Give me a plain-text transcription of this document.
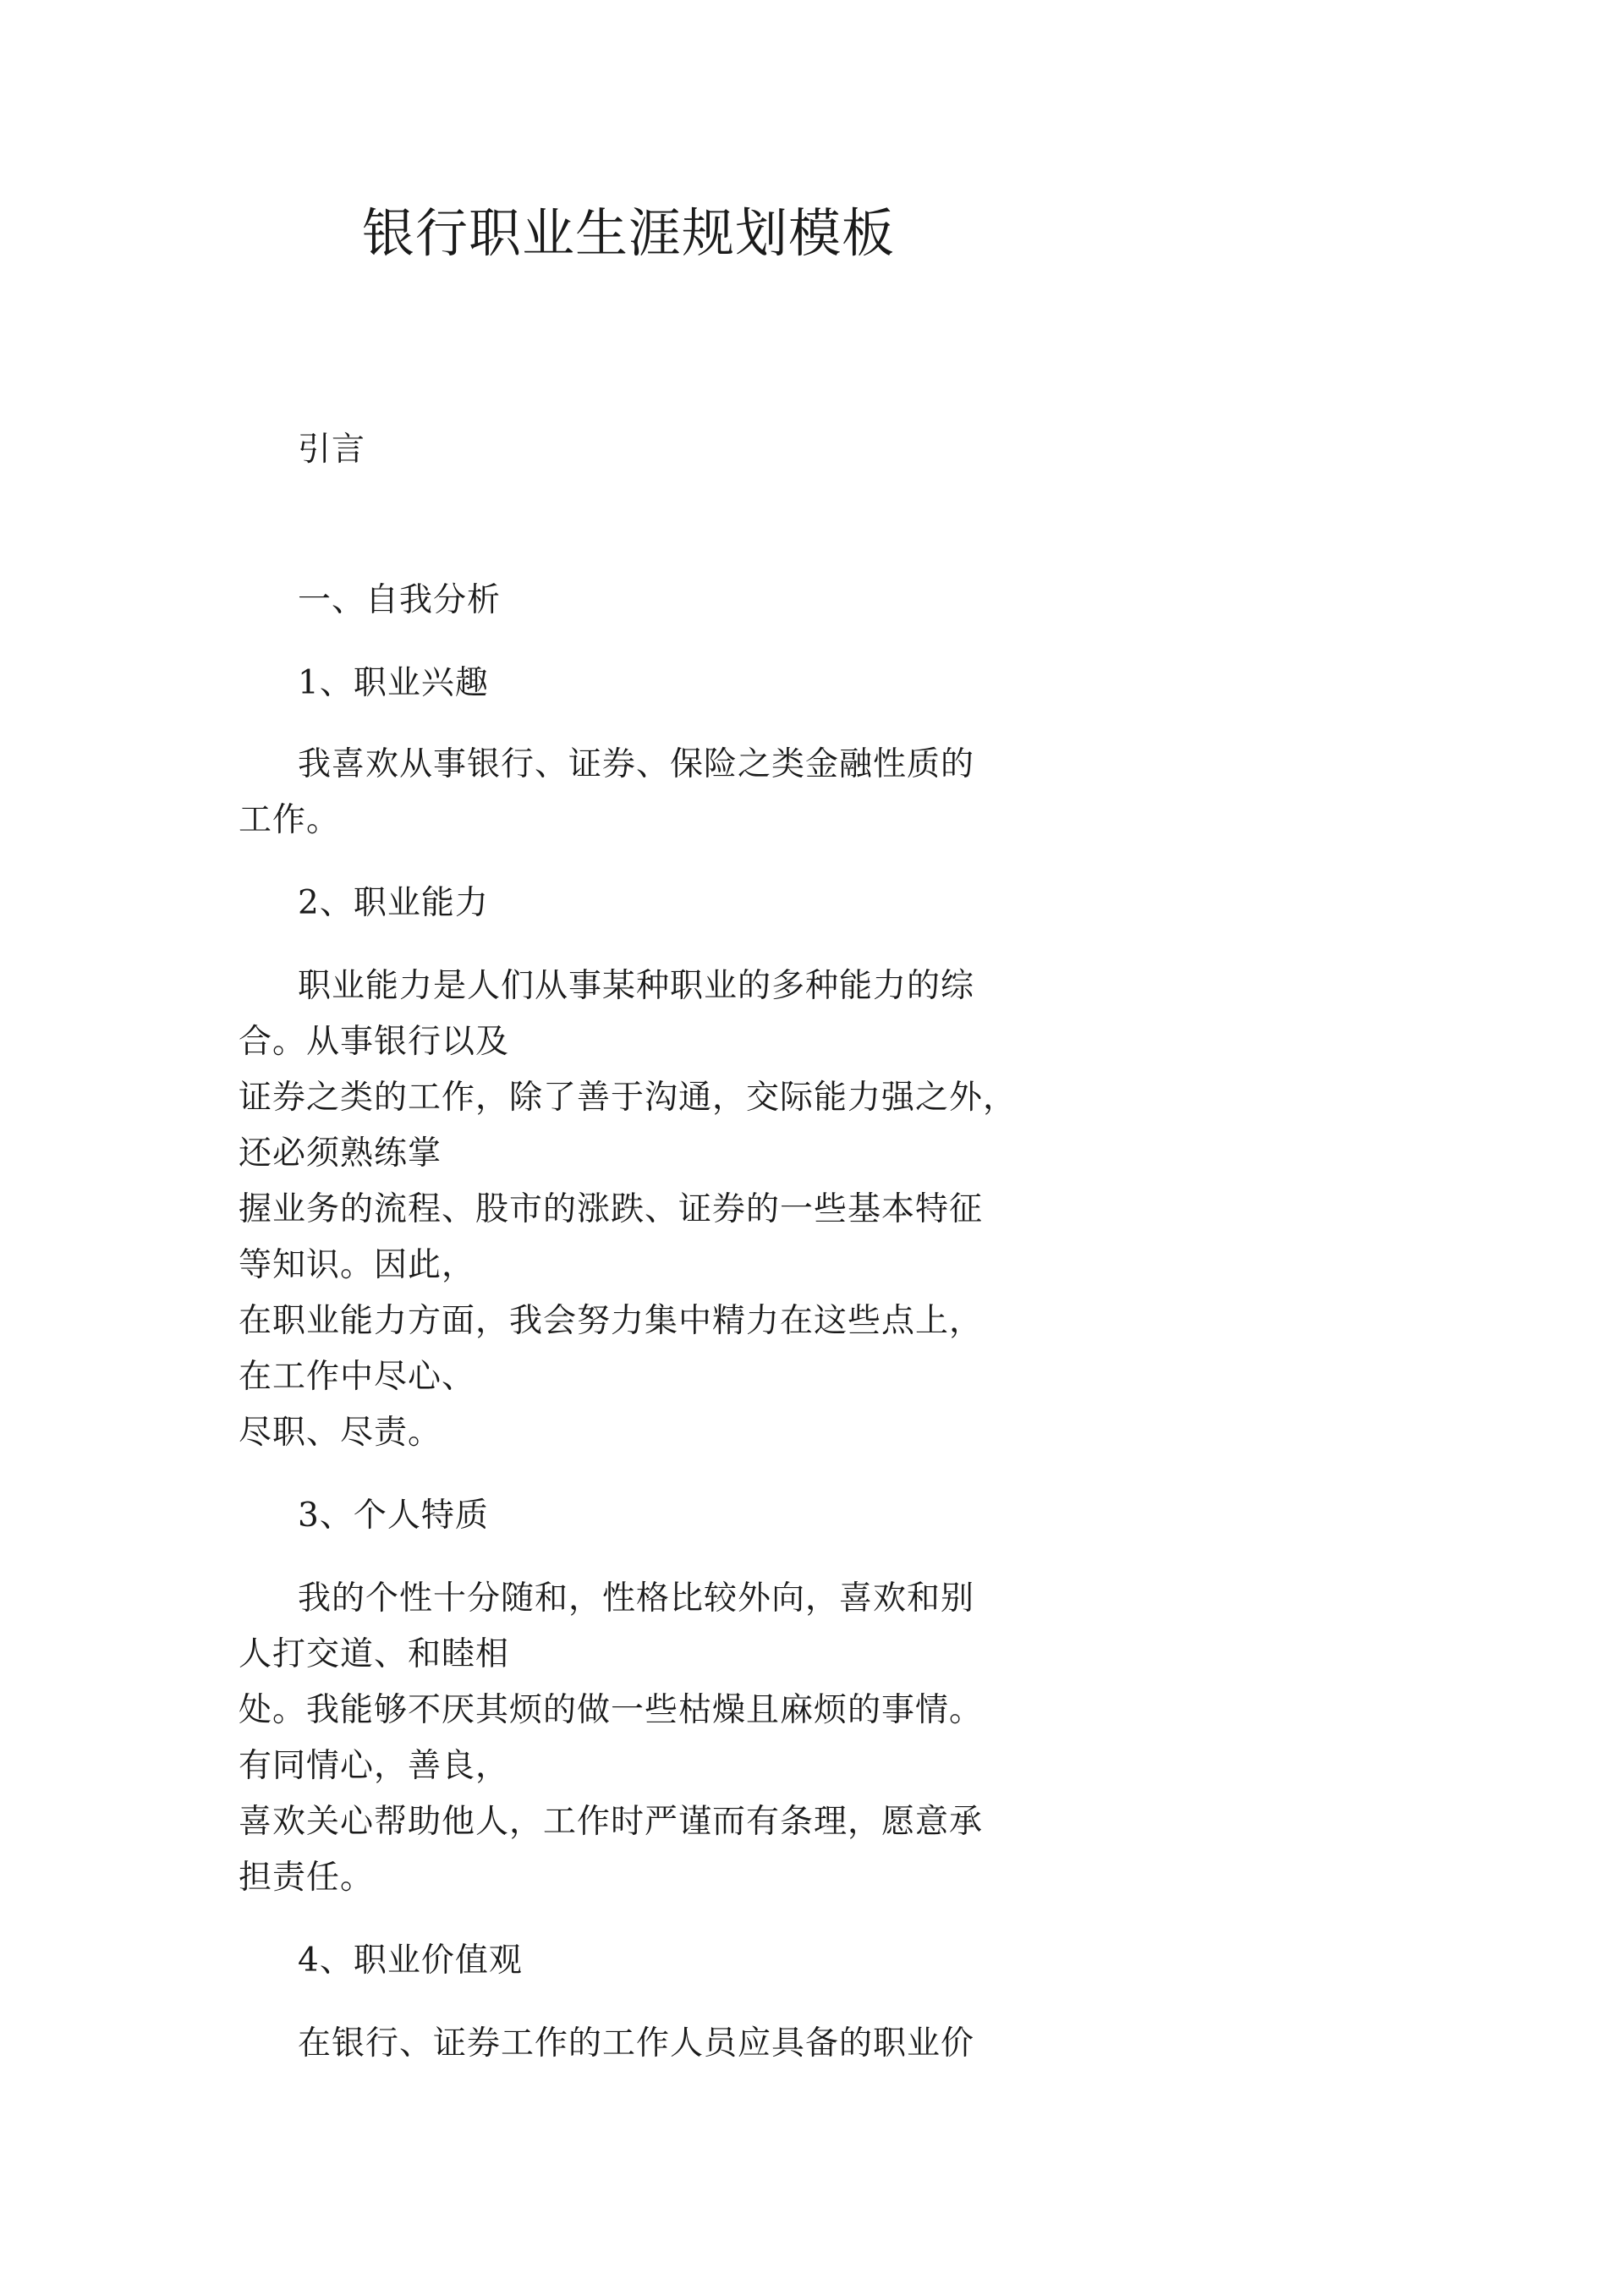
银行职业生涯规划模板
引言
一、自我分析
1、职业兴趣
我喜欢从事银行、证券、保险之类金融性质的
工作。
2、职业能力
职业能力是人们从事某种职业的多种能力的综
合。从事银行以及
证券之类的工作，除了善于沟通，交际能力强之外，
还必须熟练掌
握业务的流程、股市的涨跌、证券的一些基本特征
等知识。因此，
在职业能力方面，我会努力集中精力在这些点上，
在工作中尽心、
尽职、尽责。
3、个人特质
我的个性十分随和，性格比较外向，喜欢和别
人打交道、和睦相
处。我能够不厌其烦的做一些枯燥且麻烦的事情。
有同情心，善良，
喜欢关心帮助他人，工作时严谨而有条理，愿意承
担责任。
4、职业价值观
在银行、证券工作的工作人员应具备的职业价
